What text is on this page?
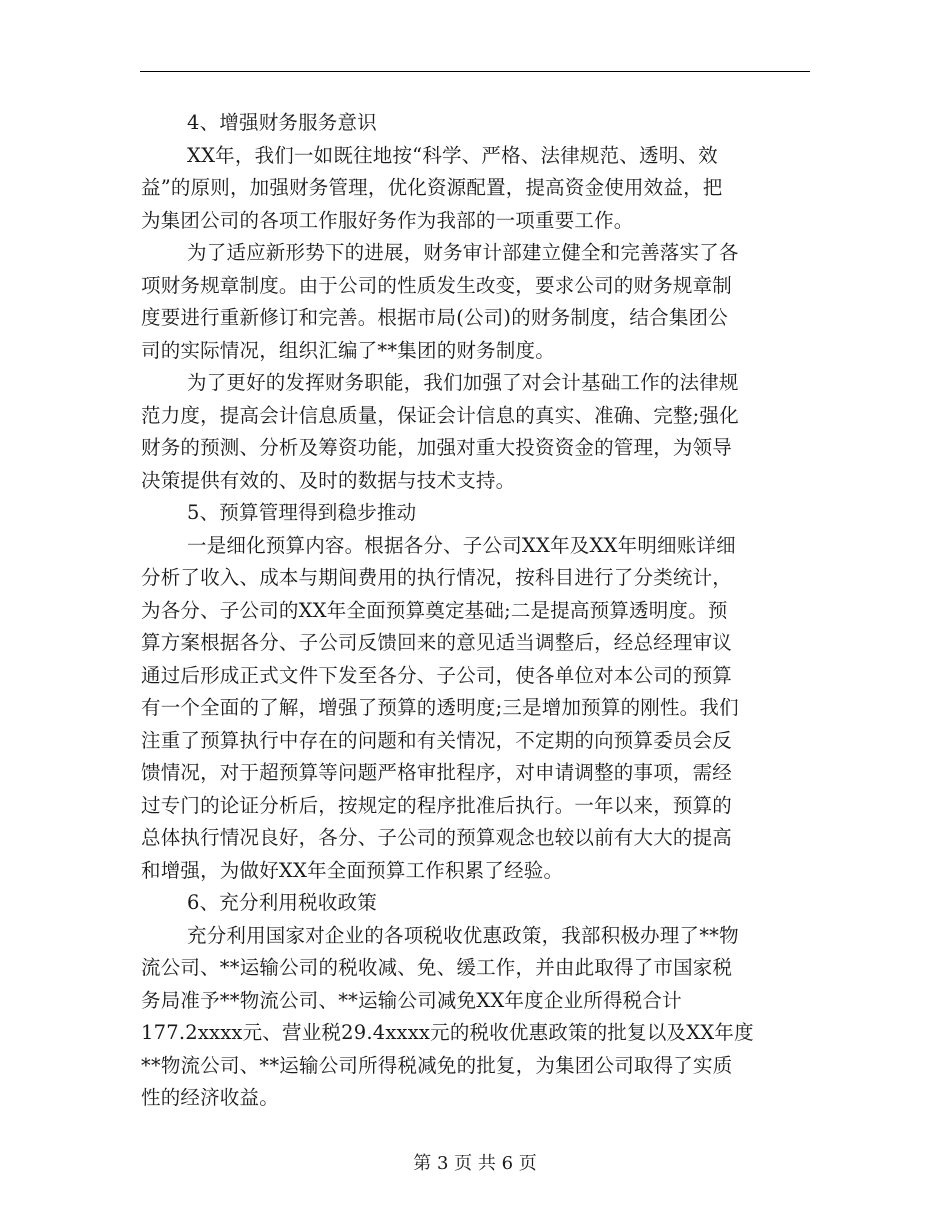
4、增强财务服务意识
XX年，我们一如既往地按“科学、严格、法律规范、透明、效
益”的原则，加强财务管理，优化资源配置，提高资金使用效益，把
为集团公司的各项工作服好务作为我部的一项重要工作。
为了适应新形势下的进展，财务审计部建立健全和完善落实了各
项财务规章制度。由于公司的性质发生改变，要求公司的财务规章制
度要进行重新修订和完善。根据市局(公司)的财务制度，结合集团公
司的实际情况，组织汇编了**集团的财务制度。
为了更好的发挥财务职能，我们加强了对会计基础工作的法律规
范力度，提高会计信息质量，保证会计信息的真实、准确、完整;强化
财务的预测、分析及筹资功能，加强对重大投资资金的管理，为领导
决策提供有效的、及时的数据与技术支持。
5、预算管理得到稳步推动
一是细化预算内容。根据各分、子公司XX年及XX年明细账详细
分析了收入、成本与期间费用的执行情况，按科目进行了分类统计，
为各分、子公司的XX年全面预算奠定基础;二是提高预算透明度。预
算方案根据各分、子公司反馈回来的意见适当调整后，经总经理审议
通过后形成正式文件下发至各分、子公司，使各单位对本公司的预算
有一个全面的了解，增强了预算的透明度;三是增加预算的刚性。我们
注重了预算执行中存在的问题和有关情况，不定期的向预算委员会反
馈情况，对于超预算等问题严格审批程序，对申请调整的事项，需经
过专门的论证分析后，按规定的程序批准后执行。一年以来，预算的
总体执行情况良好，各分、子公司的预算观念也较以前有大大的提高
和增强，为做好XX年全面预算工作积累了经验。
6、充分利用税收政策
充分利用国家对企业的各项税收优惠政策，我部积极办理了**物
流公司、**运输公司的税收减、免、缓工作，并由此取得了市国家税
务局准予**物流公司、**运输公司减免XX年度企业所得税合计
177.2xxxx元、营业税29.4xxxx元的税收优惠政策的批复以及XX年度
**物流公司、**运输公司所得税减免的批复，为集团公司取得了实质
性的经济收益。
第 3 页 共 6 页
